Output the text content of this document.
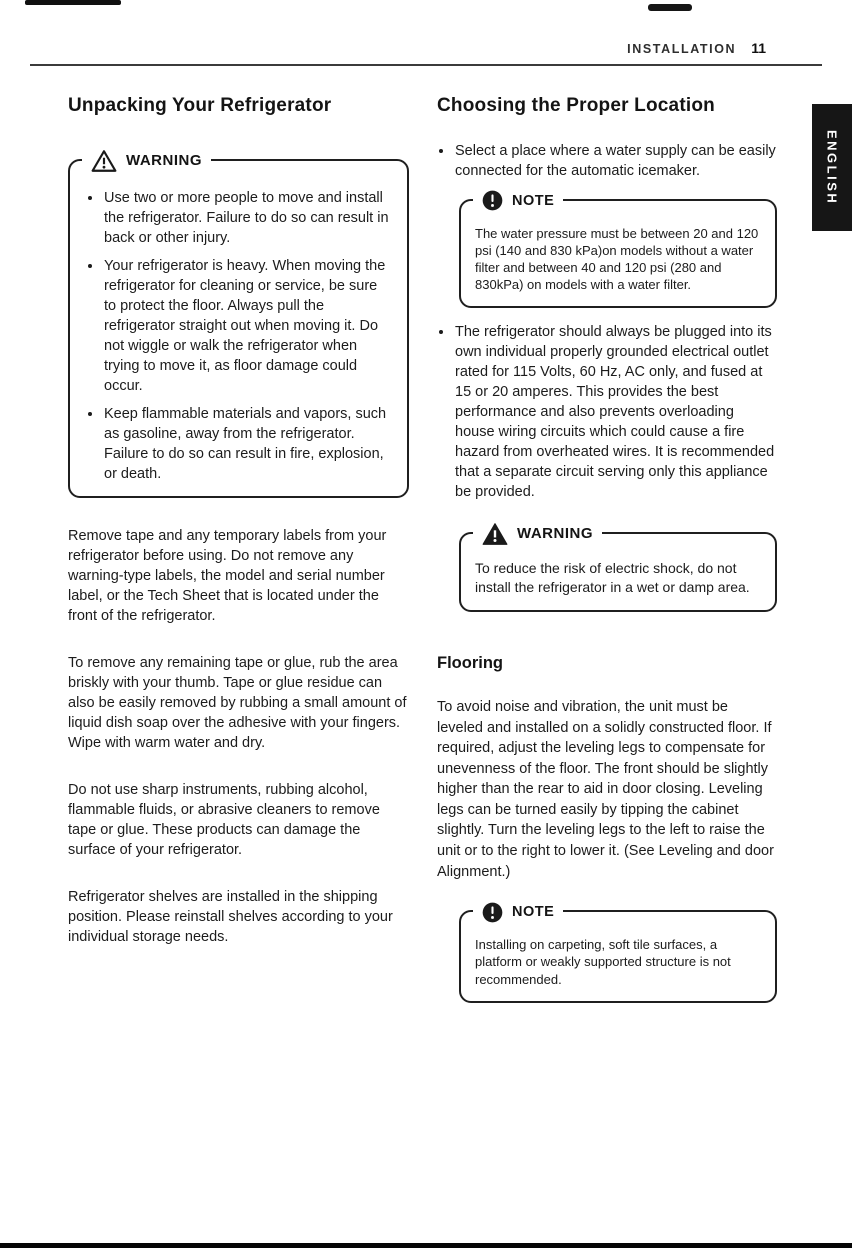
INSTALLATION 11
ENGLISH
Unpacking Your Refrigerator
WARNING
• Use two or more people to move and install the refrigerator. Failure to do so can result in back or other injury.
• Your refrigerator is heavy. When moving the refrigerator for cleaning or service, be sure to protect the floor. Always pull the refrigerator straight out when moving it. Do not wiggle or walk the refrigerator when trying to move it, as floor damage could occur.
• Keep flammable materials and vapors, such as gasoline, away from the refrigerator. Failure to do so can result in fire, explosion, or death.

Remove tape and any temporary labels from your refrigerator before using. Do not remove any warning-type labels, the model and serial number label, or the Tech Sheet that is located under the front of the refrigerator.

To remove any remaining tape or glue, rub the area briskly with your thumb. Tape or glue residue can also be easily removed by rubbing a small amount of liquid dish soap over the adhesive with your fingers. Wipe with warm water and dry.

Do not use sharp instruments, rubbing alcohol, flammable fluids, or abrasive cleaners to remove tape or glue. These products can damage the surface of your refrigerator.

Refrigerator shelves are installed in the shipping position. Please reinstall shelves according to your individual storage needs.

Choosing the Proper Location
• Select a place where a water supply can be easily connected for the automatic icemaker.
NOTE

The water pressure must be between 20 and 120 psi (140 and 830 kPa)on models without a water filter and between 40 and 120 psi (280 and 830kPa) on models with a water filter.

• The refrigerator should always be plugged into its own individual properly grounded electrical outlet rated for 115 Volts, 60 Hz, AC only, and fused at 15 or 20 amperes. This provides the best performance and also prevents overloading house wiring circuits which could cause a fire hazard from overheated wires. It is recommended that a separate circuit serving only this appliance be provided.
WARNING

To reduce the risk of electric shock, do not install the refrigerator in a wet or damp area.

Flooring

To avoid noise and vibration, the unit must be leveled and installed on a solidly constructed floor. If required, adjust the leveling legs to compensate for unevenness of the floor. The front should be slightly higher than the rear to aid in door closing. Leveling legs can be turned easily by tipping the cabinet slightly. Turn the leveling legs to the left to raise the unit or to the right to lower it. (See Leveling and door Alignment.)

NOTE

Installing on carpeting, soft tile surfaces, a platform or weakly supported structure is not recommended.
